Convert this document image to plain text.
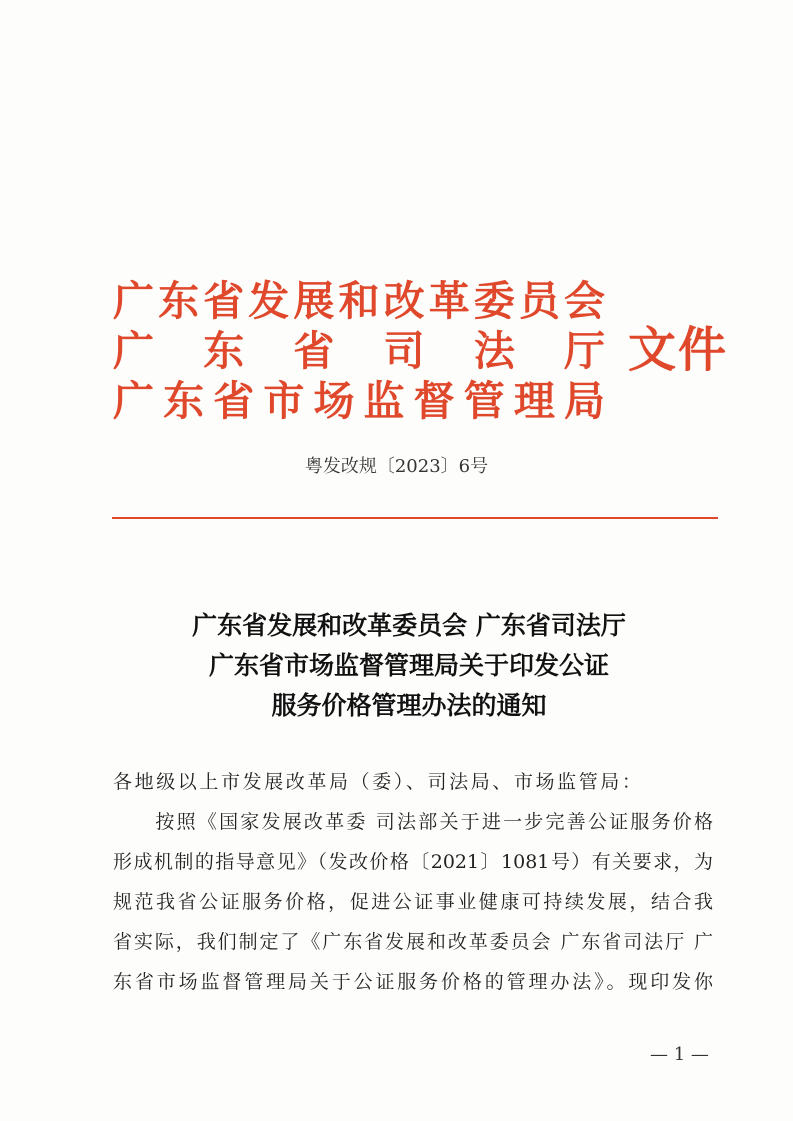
广东省发展和改革委员会
广 东 省 司 法 厅
广东省市场监督管理局
文件
粤发改规〔2023〕6号
广东省发展和改革委员会 广东省司法厅
广东省市场监督管理局关于印发公证
服务价格管理办法的通知
各地级以上市发展改革局（委）、司法局、市场监管局：
　　按照《国家发展改革委 司法部关于进一步完善公证服务价格
形成机制的指导意见》（发改价格〔2021〕1081号）有关要求，为
规范我省公证服务价格，促进公证事业健康可持续发展，结合我
省实际，我们制定了《广东省发展和改革委员会 广东省司法厅 广
东省市场监督管理局关于公证服务价格的管理办法》。现印发你
— 1 —
